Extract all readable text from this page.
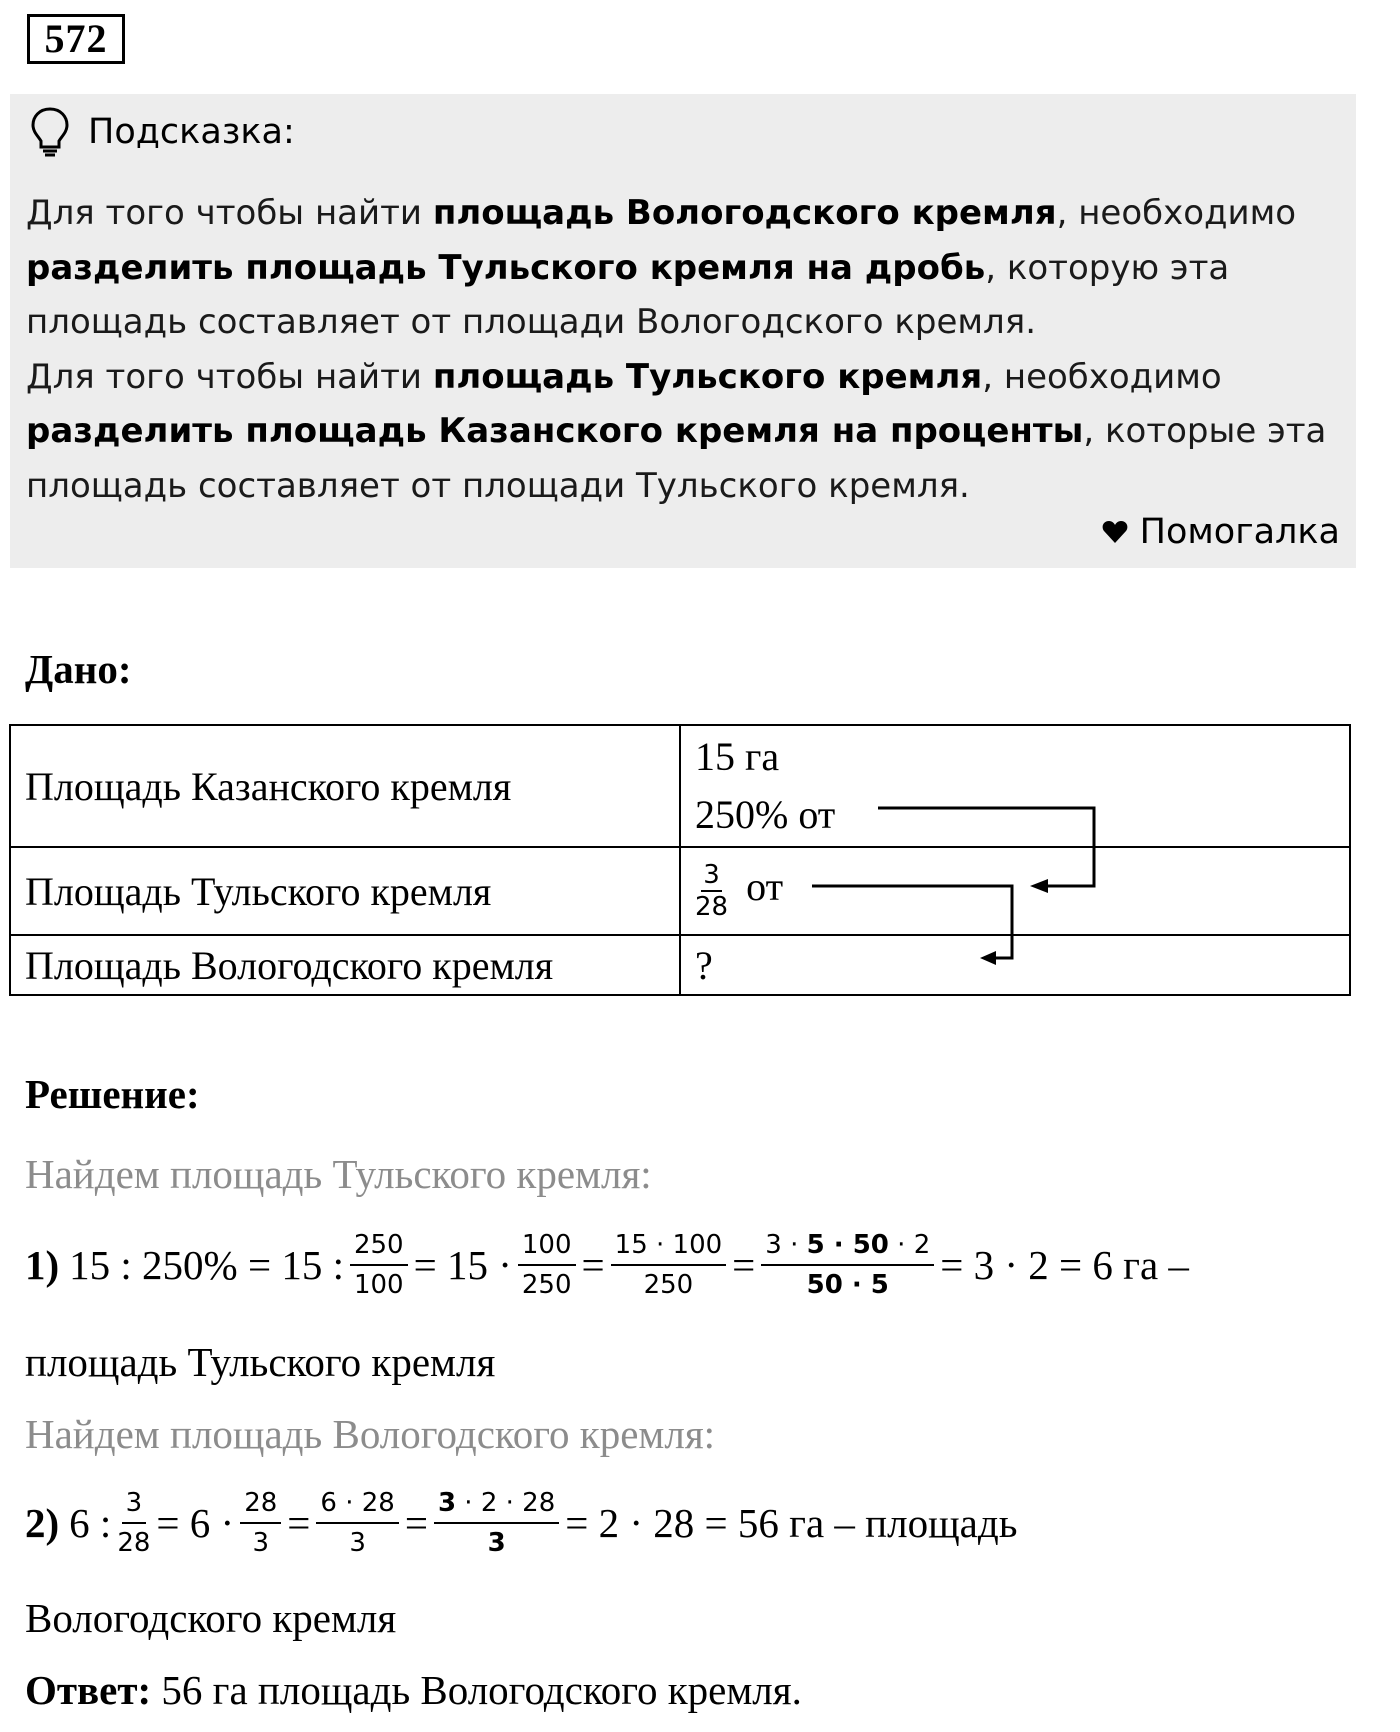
572
Подсказка:
Для того чтобы найти площадь Вологодского кремля, необходимо
разделить площадь Тульского кремля на дробь, которую эта
площадь составляет от площади Вологодского кремля.
Для того чтобы найти площадь Тульского кремля, необходимо
разделить площадь Казанского кремля на проценты, которые эта
площадь составляет от площади Тульского кремля.
Помогалка
Дано:
Площадь Казанского кремля	15 га
250% от

Площадь Тульского кремля	$\frac{3}{28}$ от
Площадь Вологодского кремля	?
Решение:
Найдем площадь Тульского кремля:
1) 15 : 250% = 15 : $\frac{250}{100} = 15 \cdot \frac{100}{250} = \frac{15 \cdot 100}{250} = \frac{3 \cdot 5 \cdot 50 \cdot 2}{50 \cdot 5} = 3 \cdot 2 = 6$ га –
площадь Тульского кремля
Найдем площадь Вологодского кремля:
2) 6 : $\frac{3}{28} = 6 \cdot \frac{28}{3} = \frac{6 \cdot 28}{3} = \frac{3 \cdot 2 \cdot 28}{3} = 2 \cdot 28 = 56$ га – площадь
Вологодского кремля
Ответ: 56 га площадь Вологодского кремля.
